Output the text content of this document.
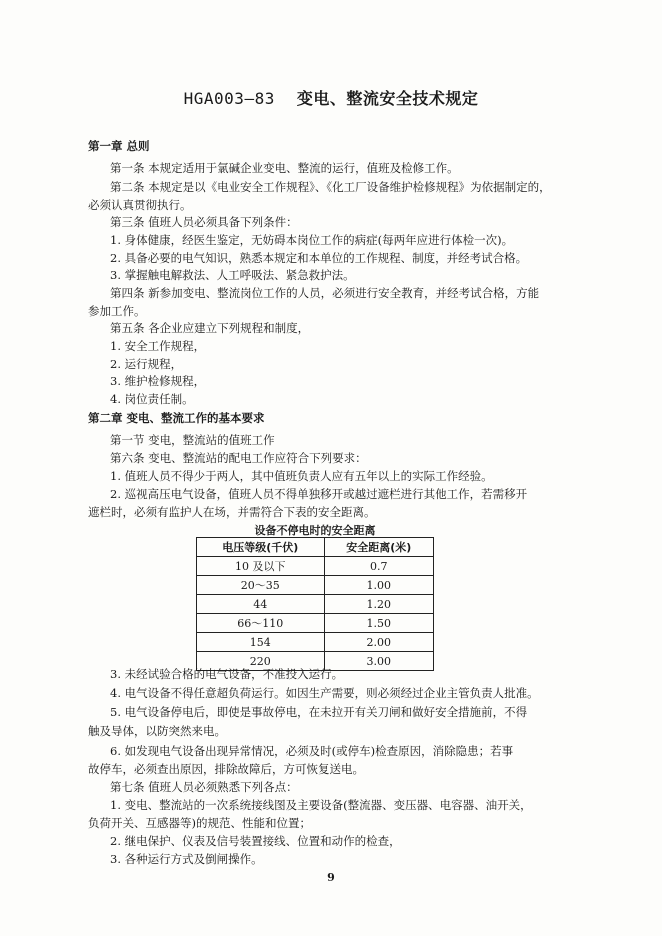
HGA003—83 变电、整流安全技术规定
第一章 总则
第一条 本规定适用于氯碱企业变电、整流的运行，值班及检修工作。
第二条 本规定是以《电业安全工作规程》、《化工厂设备维护检修规程》为依据制定的，
必须认真贯彻执行。
第三条 值班人员必须具备下列条件：
1. 身体健康，经医生鉴定，无妨碍本岗位工作的病症(每两年应进行体检一次)。
2. 具备必要的电气知识，熟悉本规定和本单位的工作规程、制度，并经考试合格。
3. 掌握触电解救法、人工呼吸法、紧急救护法。
第四条 新参加变电、整流岗位工作的人员，必须进行安全教育，并经考试合格，方能
参加工作。
第五条 各企业应建立下列规程和制度，
1. 安全工作规程，
2. 运行规程，
3. 维护检修规程，
4. 岗位责任制。
第二章 变电、整流工作的基本要求
第一节 变电，整流站的值班工作
第六条 变电、整流站的配电工作应符合下列要求：
1. 值班人员不得少于两人，其中值班负责人应有五年以上的实际工作经验。
2. 巡视高压电气设备，值班人员不得单独移开或越过遮栏进行其他工作，若需移开
遮栏时，必须有监护人在场，并需符合下表的安全距离。
设备不停电时的安全距离
电压等级(千伏)	安全距离(米)
10 及以下	0.7
20～35	1.00
44	1.20
66～110	1.50
154	2.00
220	3.00
3. 未经试验合格的电气设备，不准投入运行。
4. 电气设备不得任意超负荷运行。如因生产需要，则必须经过企业主管负责人批准。
5. 电气设备停电后，即使是事故停电，在未拉开有关刀闸和做好安全措施前，不得
触及导体，以防突然来电。
6. 如发现电气设备出现异常情况，必须及时(或停车)检查原因，消除隐患；若事
故停车，必须查出原因，排除故障后，方可恢复送电。
第七条 值班人员必须熟悉下列各点：
1. 变电、整流站的一次系统接线图及主要设备(整流器、变压器、电容器、油开关，
负荷开关、互感器等)的规范、性能和位置；
2. 继电保护、仪表及信号装置接线、位置和动作的检查，
3. 各种运行方式及倒闸操作。
9
